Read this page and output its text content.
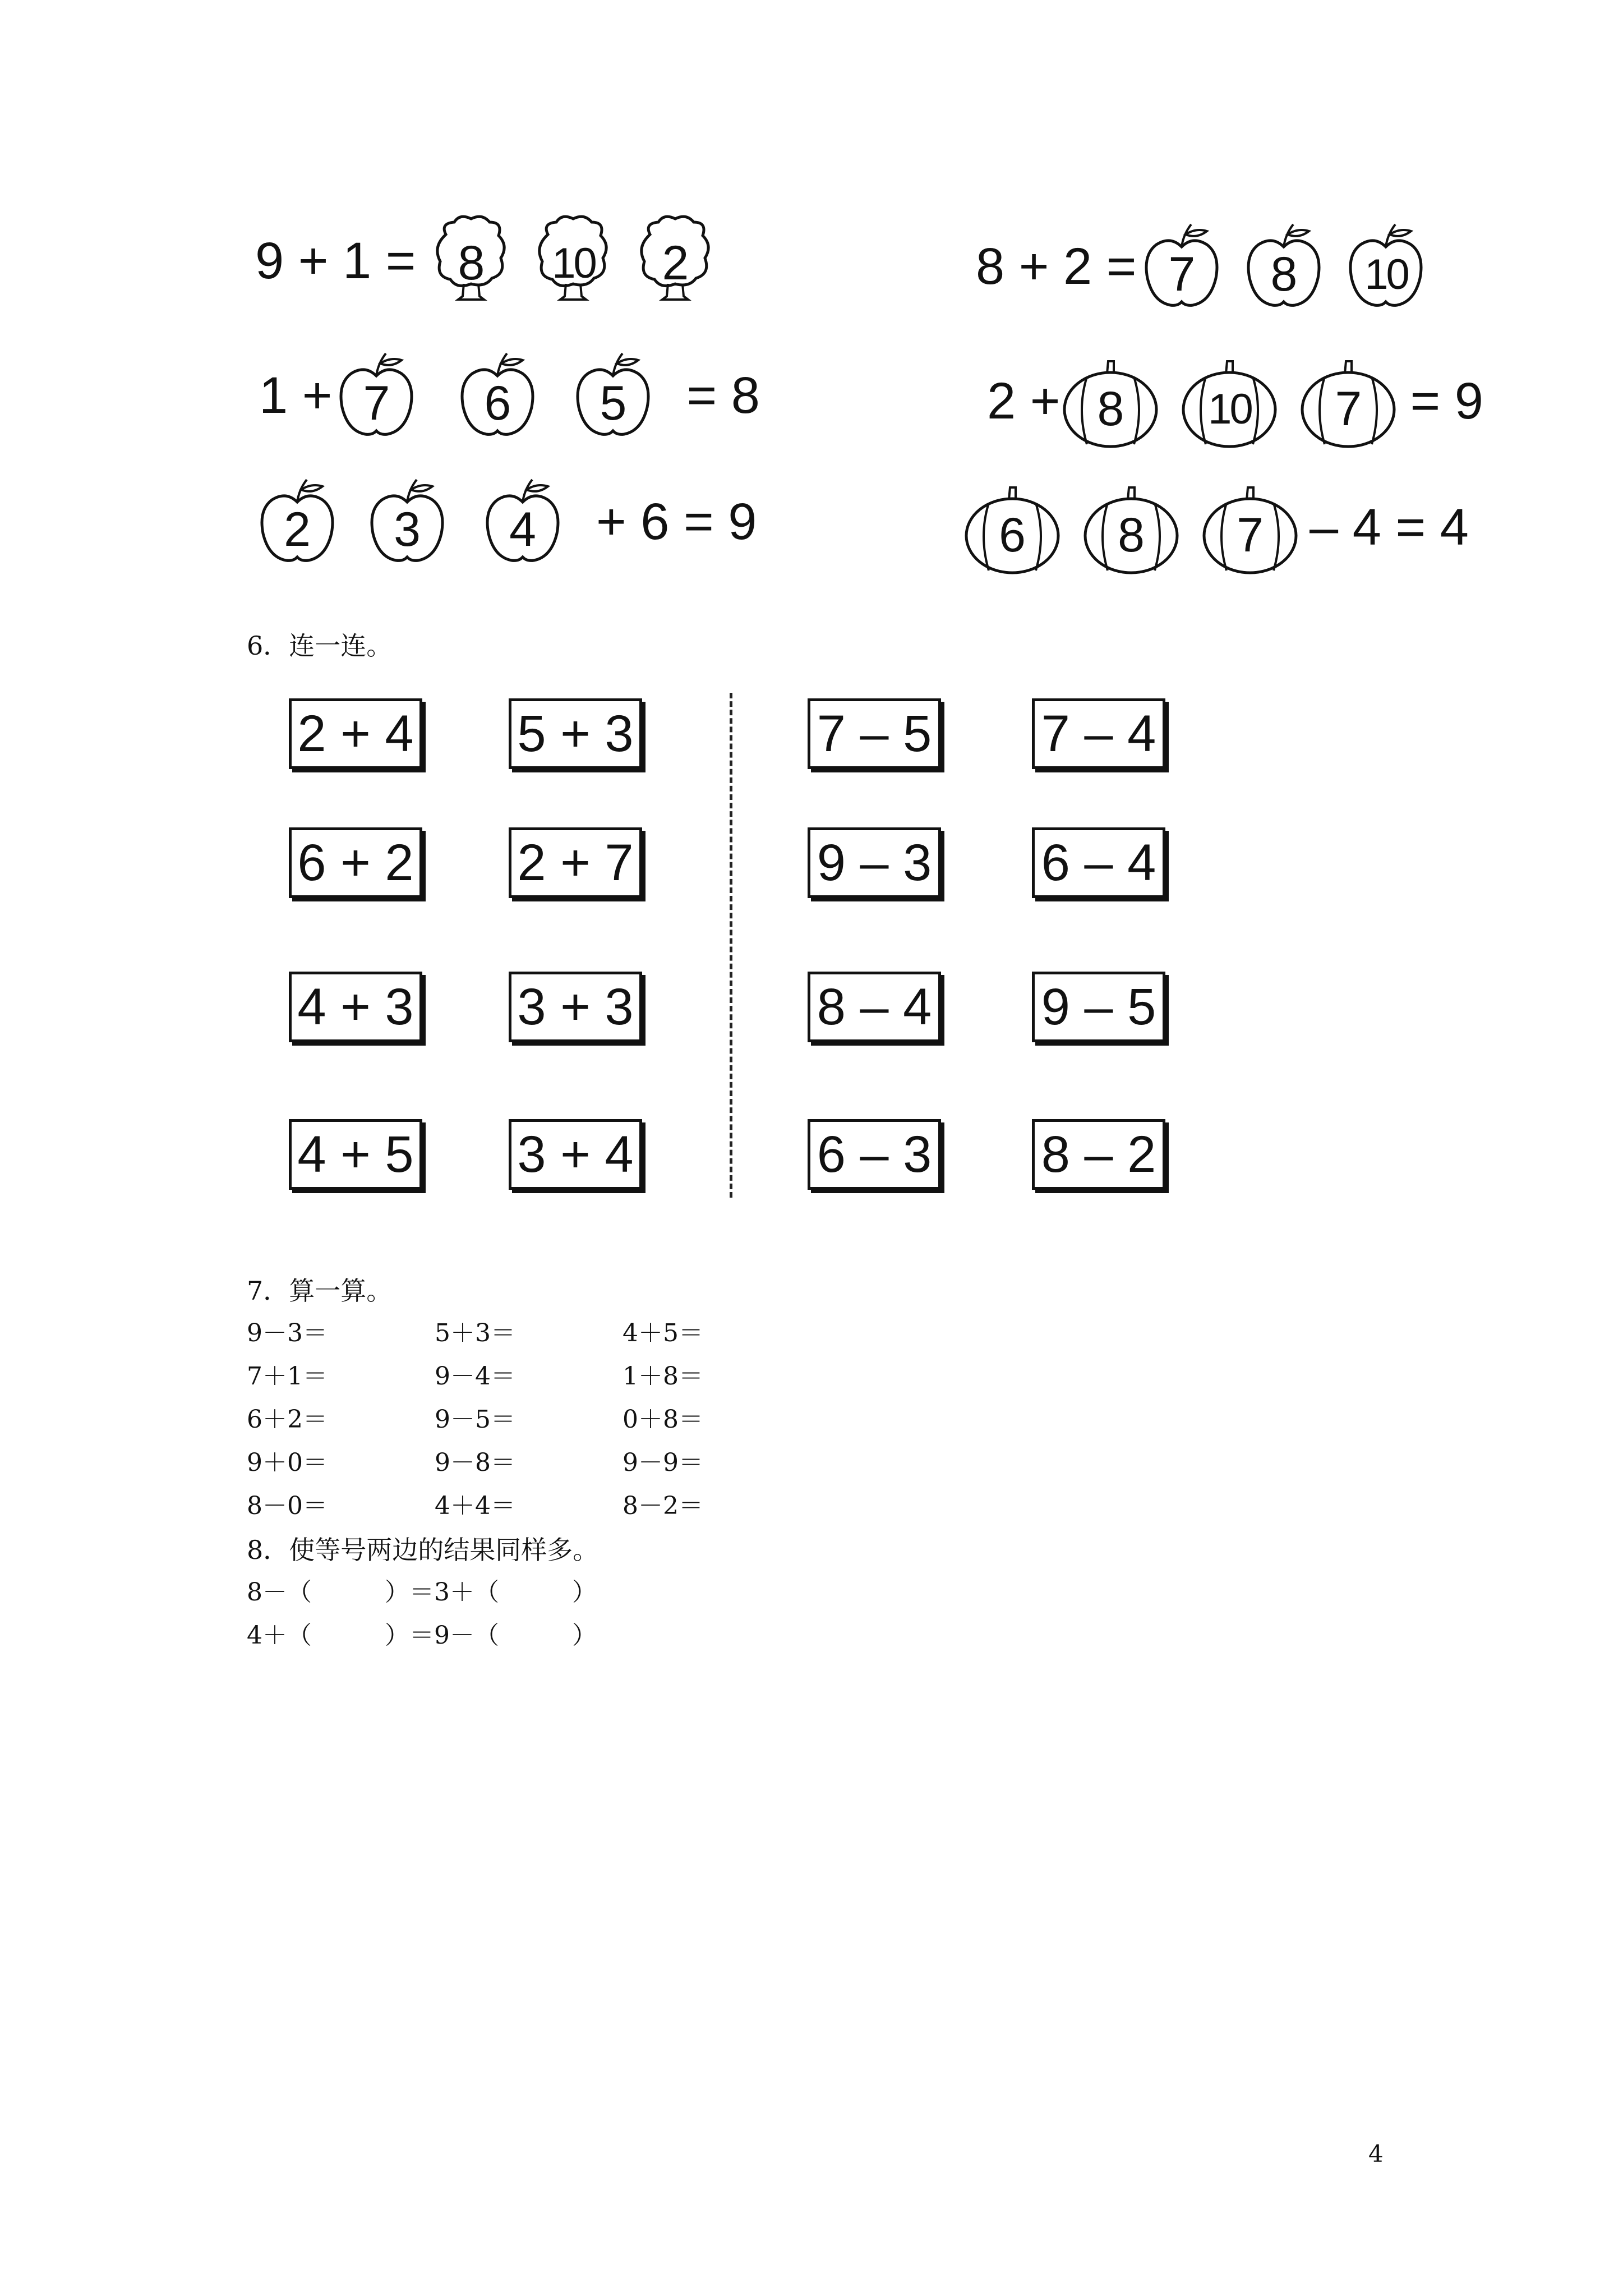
9 + 1 = 8	10	2	8 + 2 = 7	8	10
1 + 7	6	5	= 8	2 + 8	10	7 = 9
2	3	4	+ 6 = 9	6	8	7 – 4 = 4
6．连一连。
2 + 4 5 + 3
6 + 2 2 + 7
4 + 3 3 + 3
4 + 5 3 + 4
7 – 5 7 – 4
9 – 3 6 – 4
8 – 4 9 – 5
6 – 3 8 – 2
7．算一算。
9－3＝	5＋3＝	4＋5＝
7＋1＝	9－4＝	1＋8＝
6＋2＝	9－5＝	0＋8＝
9＋0＝	9－8＝	9－9＝
8－0＝	4＋4＝	8－2＝
8．使等号两边的结果同样多。
8－（	）＝3＋（	）
4＋（	）＝9－（	）
4
